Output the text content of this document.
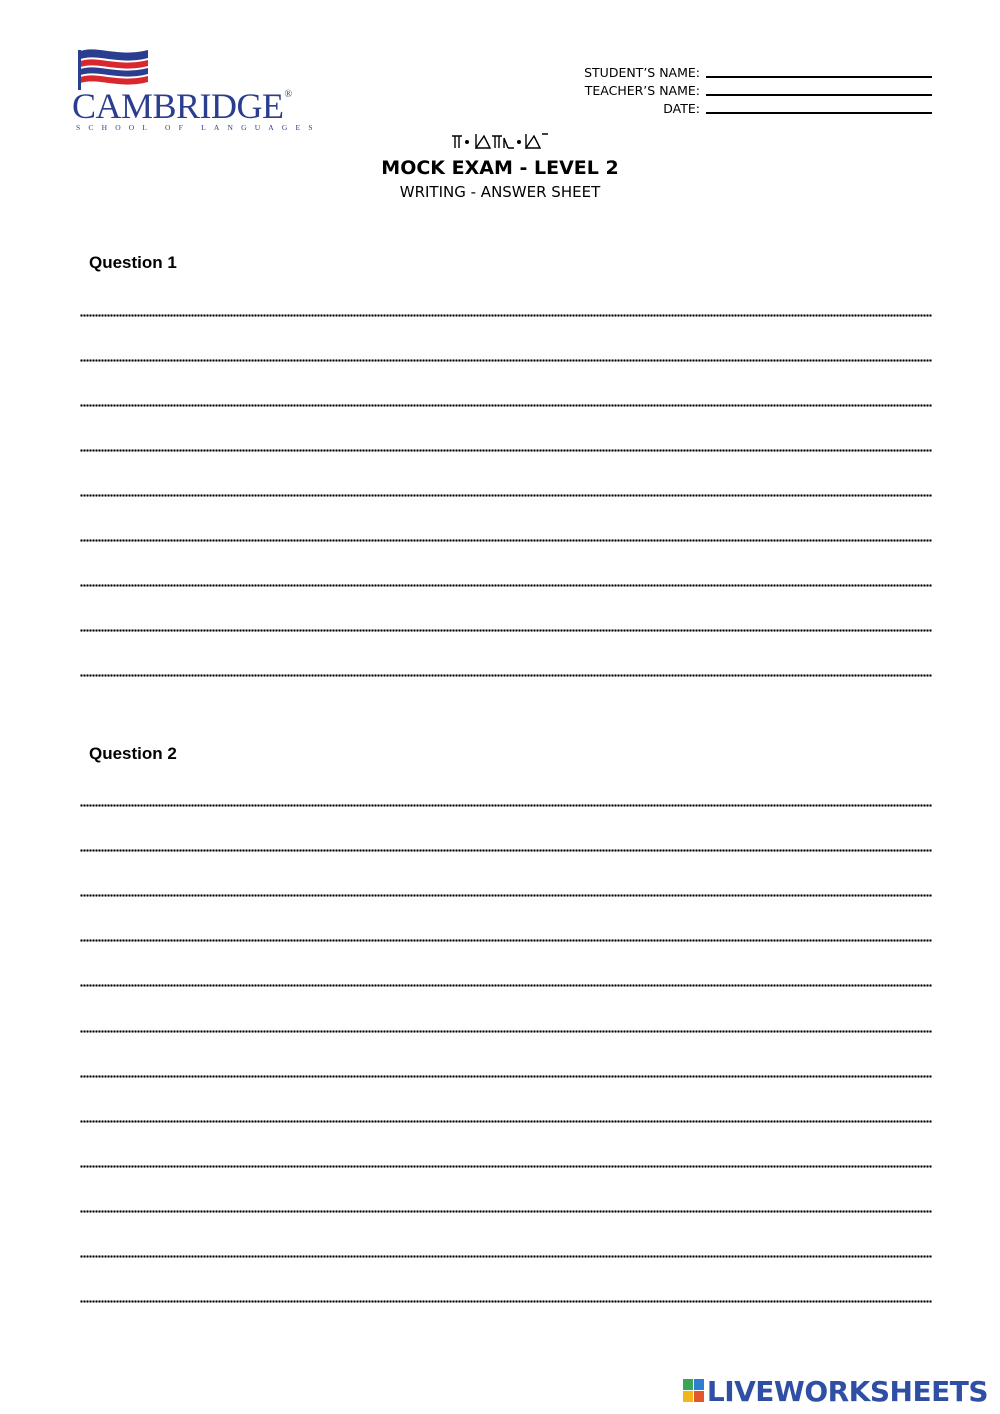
CAMBRIDGE®
SCHOOL OF LANGUAGES
STUDENT’S NAME:
TEACHER’S NAME:
DATE:
MOCK EXAM - LEVEL 2
WRITING - ANSWER SHEET
Question 1
Question 2
LIVEWORKSHEETS
